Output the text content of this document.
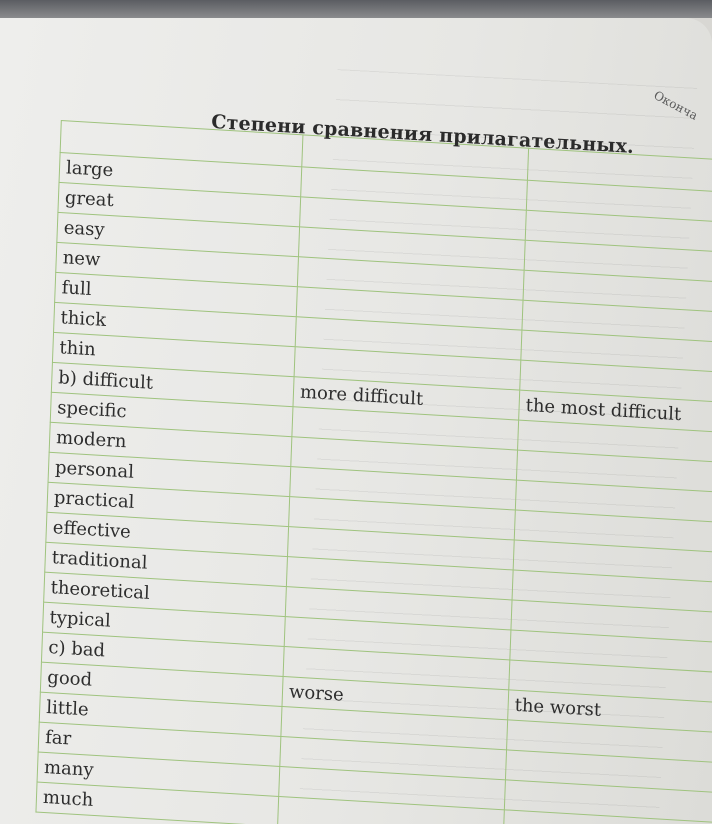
Оконча
Степени сравнения прилагательных.		

large		
great		
easy		
new		
full		
thick		
thin		
b) difficult	more difficult	the most difficult
specific		
modern		
personal		
practical		
effective		
traditional		
theoretical		
typical		
c) bad		
good	worse	the worst
little		
far		
many		
much		
